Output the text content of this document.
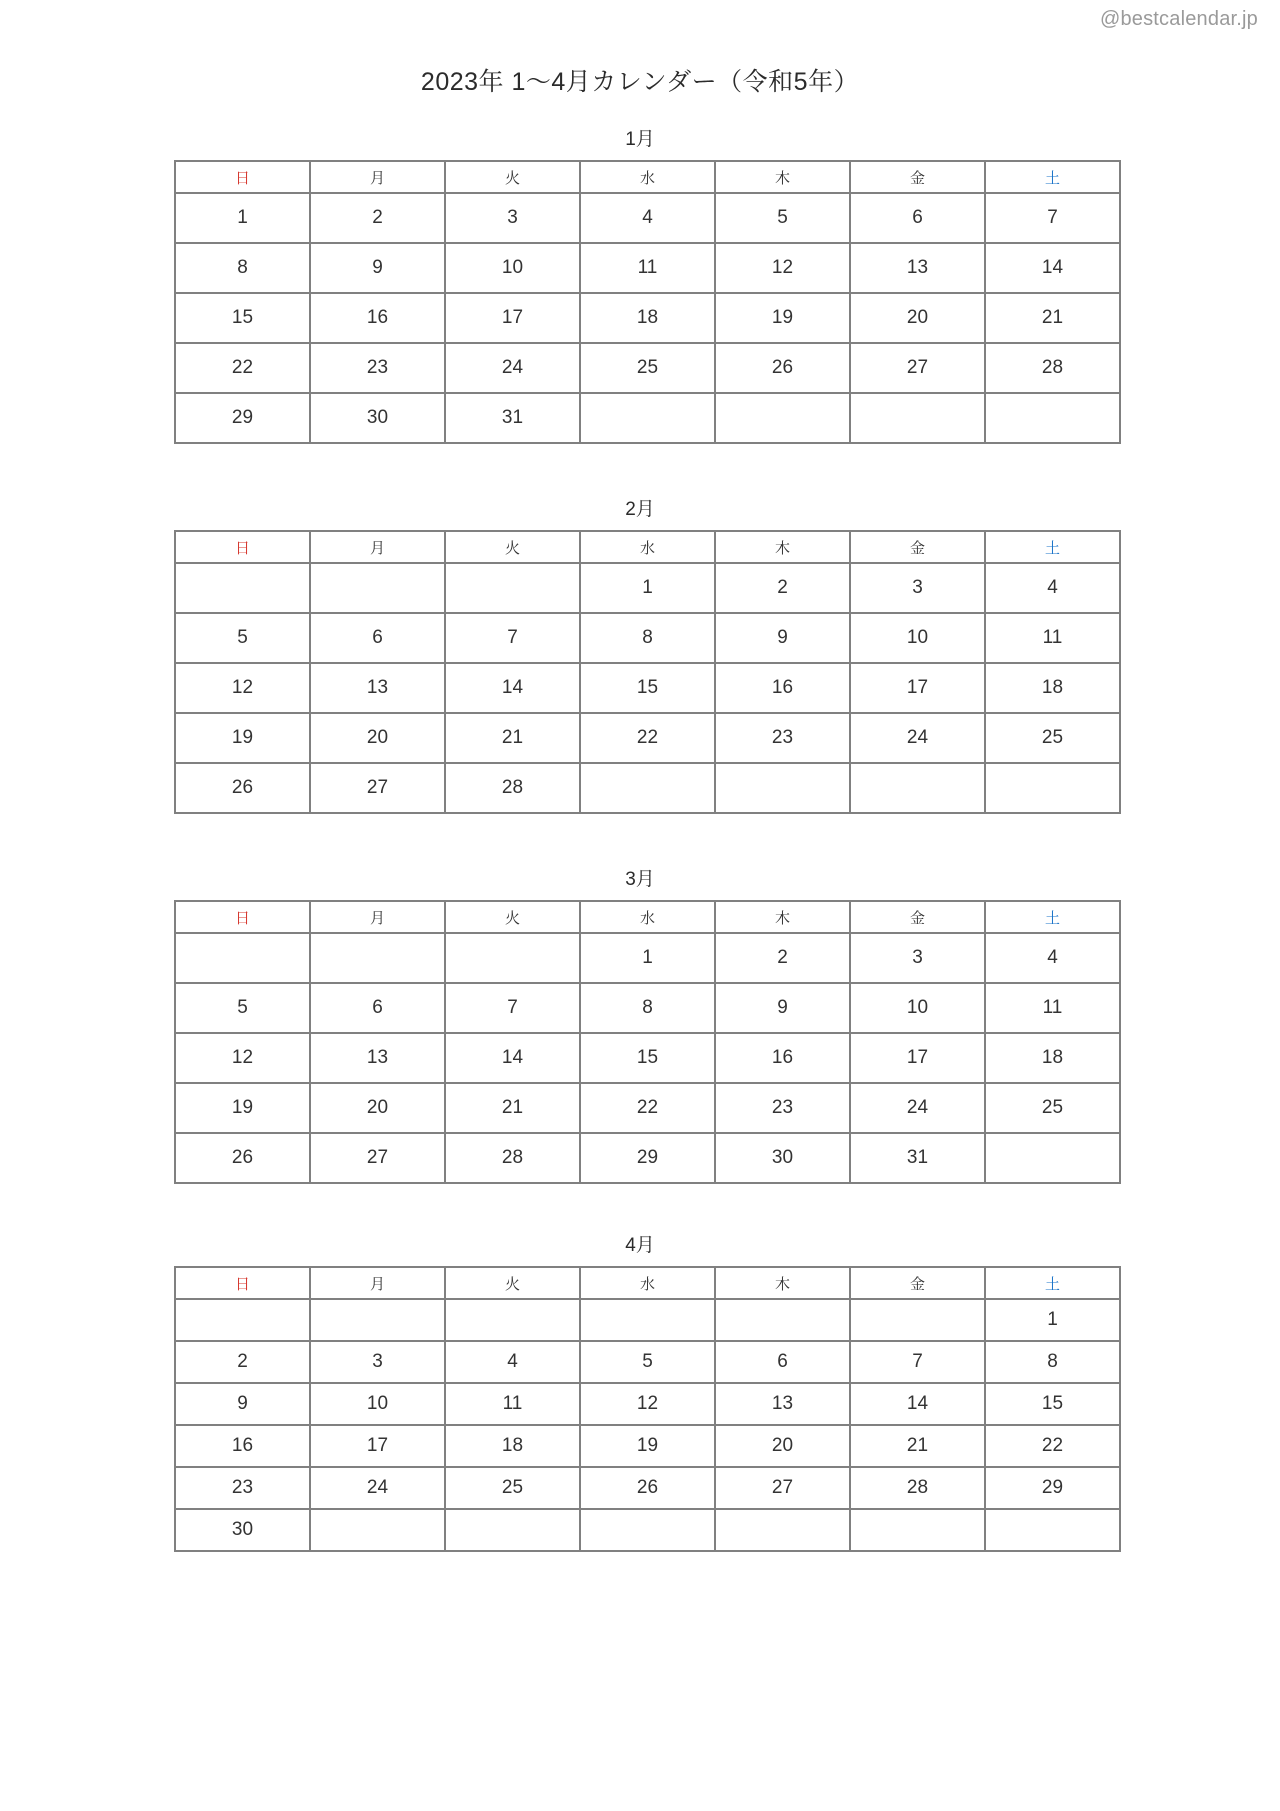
@bestcalendar.jp
2023年 1〜4月カレンダー（令和5年）
1月
日	月	火	水	木	金	土
1	2	3	4	5	6	7
8	9	10	11	12	13	14
15	16	17	18	19	20	21
22	23	24	25	26	27	28
29	30	31				
2月
日	月	火	水	木	金	土
			1	2	3	4
5	6	7	8	9	10	11
12	13	14	15	16	17	18
19	20	21	22	23	24	25
26	27	28				
3月
日	月	火	水	木	金	土
			1	2	3	4
5	6	7	8	9	10	11
12	13	14	15	16	17	18
19	20	21	22	23	24	25
26	27	28	29	30	31	
4月
日	月	火	水	木	金	土
						1
2	3	4	5	6	7	8
9	10	11	12	13	14	15
16	17	18	19	20	21	22
23	24	25	26	27	28	29
30						
